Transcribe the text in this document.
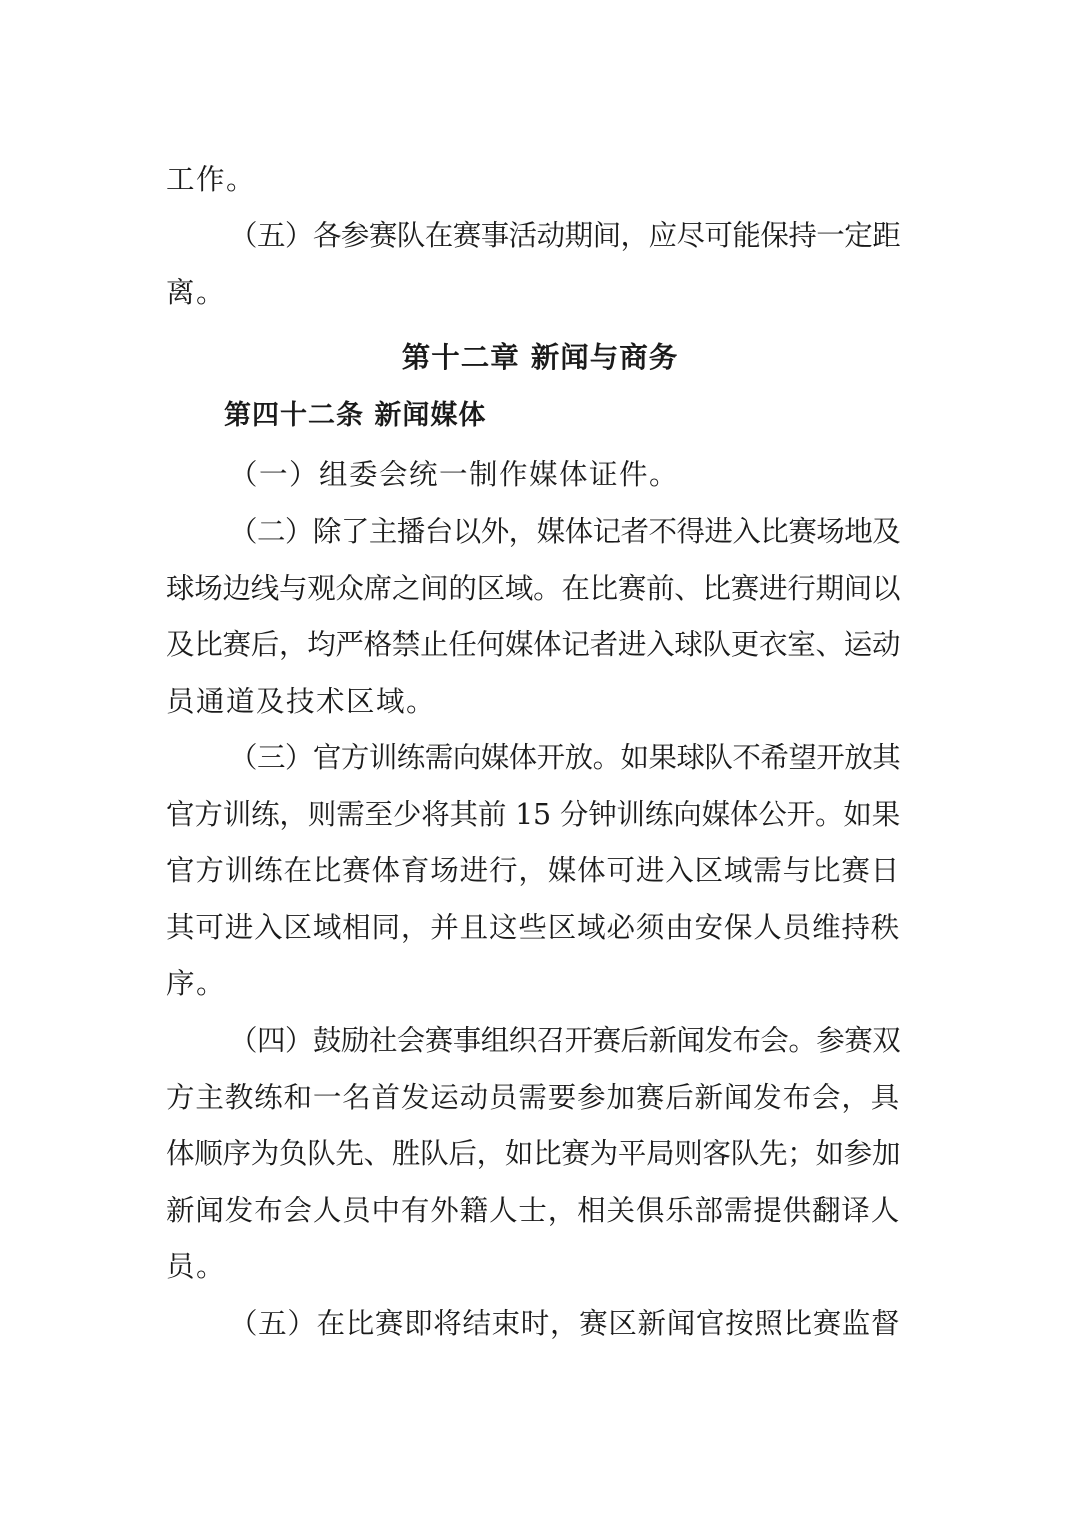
工作。
（五）各参赛队在赛事活动期间，应尽可能保持一定距
离。
第十二章 新闻与商务
第四十二条 新闻媒体
（一）组委会统一制作媒体证件。
（二）除了主播台以外，媒体记者不得进入比赛场地及
球场边线与观众席之间的区域。在比赛前、比赛进行期间以
及比赛后，均严格禁止任何媒体记者进入球队更衣室、运动
员通道及技术区域。
（三）官方训练需向媒体开放。如果球队不希望开放其
官方训练，则需至少将其前 15 分钟训练向媒体公开。如果
官方训练在比赛体育场进行，媒体可进入区域需与比赛日
其可进入区域相同，并且这些区域必须由安保人员维持秩
序。
（四）鼓励社会赛事组织召开赛后新闻发布会。参赛双
方主教练和一名首发运动员需要参加赛后新闻发布会，具
体顺序为负队先、胜队后，如比赛为平局则客队先；如参加
新闻发布会人员中有外籍人士，相关俱乐部需提供翻译人
员。
（五）在比赛即将结束时，赛区新闻官按照比赛监督
